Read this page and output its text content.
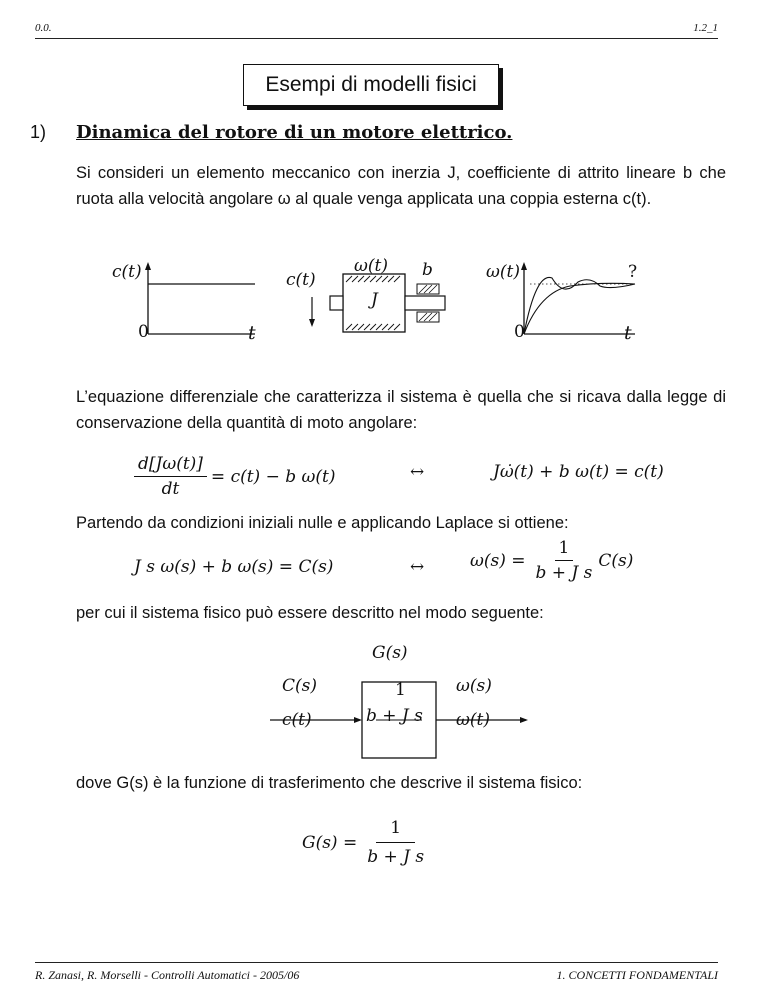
0.0.	1.2_1
Esempi di modelli fisici
1) Dinamica del rotore di un motore elettrico.
Si consideri un elemento meccanico con inerzia J, coefficiente di attrito lineare b che ruota alla velocità angolare ω al quale venga applicata una coppia esterna c(t).
c(t)
0	t
c(t)
ω(t) b
J
ω(t)
0	t
?
L’equazione differenziale che caratterizza il sistema è quella che si ricava dalla legge di conservazione della quantità di moto angolare:
$\frac{d[J\omega(t)]}{dt} = c(t) - b$ ω(t)	↔	Jω̇(t) + b ω(t) = c(t)
Partendo da condizioni iniziali nulle e applicando Laplace si ottiene:
J s ω(s) + b ω(s) = C(s)	↔	$\omega(s) = \frac{1}{\text{b + J s}} C(s)$
per cui il sistema fisico può essere descritto nel modo seguente:
G(s)
1
b + J s
C(s)
c(t)
ω(s)
ω(t)
dove G(s) è la funzione di trasferimento che descrive il sistema fisico:
$G(s) = \frac{1}{\text{b + J s}}$
R. Zanasi, R. Morselli - Controlli Automatici - 2005/06	1. CONCETTI FONDAMENTALI
